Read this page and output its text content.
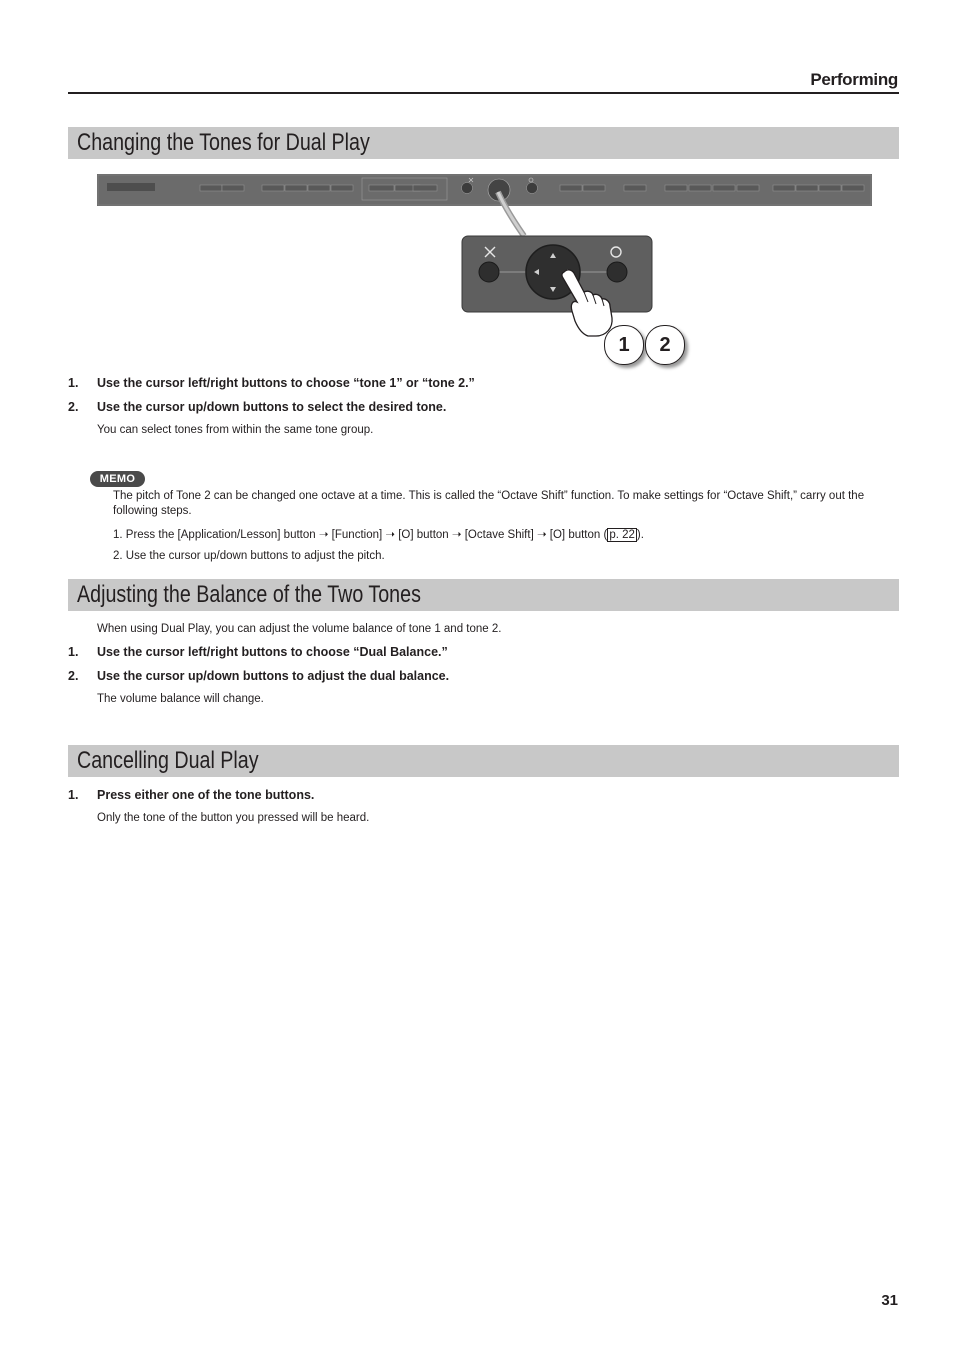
Performing
Changing the Tones for Dual Play
1	2
1. Use the cursor left/right buttons to choose “tone 1” or “tone 2.”
2. Use the cursor up/down buttons to select the desired tone.
You can select tones from within the same tone group.
MEMO
The pitch of Tone 2 can be changed one octave at a time. This is called the “Octave Shift” function. To make settings for “Octave Shift,” carry out the following steps.
1. Press the [Application/Lesson] button ➝ [Function] ➝ [O] button ➝ [Octave Shift] ➝ [O] button ( p. 22 ).
2. Use the cursor up/down buttons to adjust the pitch.
Adjusting the Balance of the Two Tones
When using Dual Play, you can adjust the volume balance of tone 1 and tone 2.
1. Use the cursor left/right buttons to choose “Dual Balance.”
2. Use the cursor up/down buttons to adjust the dual balance.
The volume balance will change.
Cancelling Dual Play
1. Press either one of the tone buttons.
Only the tone of the button you pressed will be heard.
31
